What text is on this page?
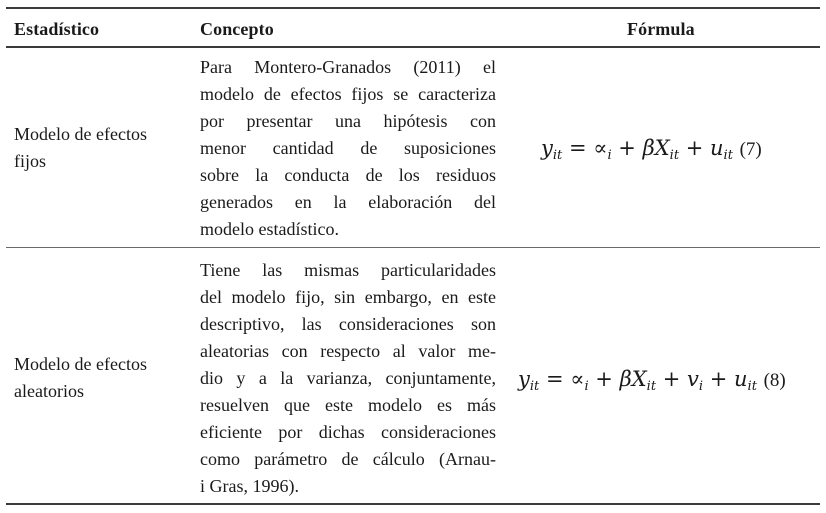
Estadístico	Concepto	Fórmula
Modelo de efectos
fijos
Para Montero-Granados (2011) el
modelo de efectos fijos se caracteriza
por presentar una hipótesis con
menor cantidad de suposiciones
sobre la conducta de los residuos
generados en la elaboración del
modelo estadístico.
$y_{it} = \propto_i + \beta X_{it} + u_{it}$ (7)
Modelo de efectos
aleatorios
Tiene las mismas particularidades
del modelo fijo, sin embargo, en este
descriptivo, las consideraciones son
aleatorias con respecto al valor me-
dio y a la varianza, conjuntamente,
resuelven que este modelo es más
eficiente por dichas consideraciones
como parámetro de cálculo (Arnau-
i Gras, 1996).
$y_{it} = \propto_i + \beta X_{it} + v_i + u_{it}$ (8)
